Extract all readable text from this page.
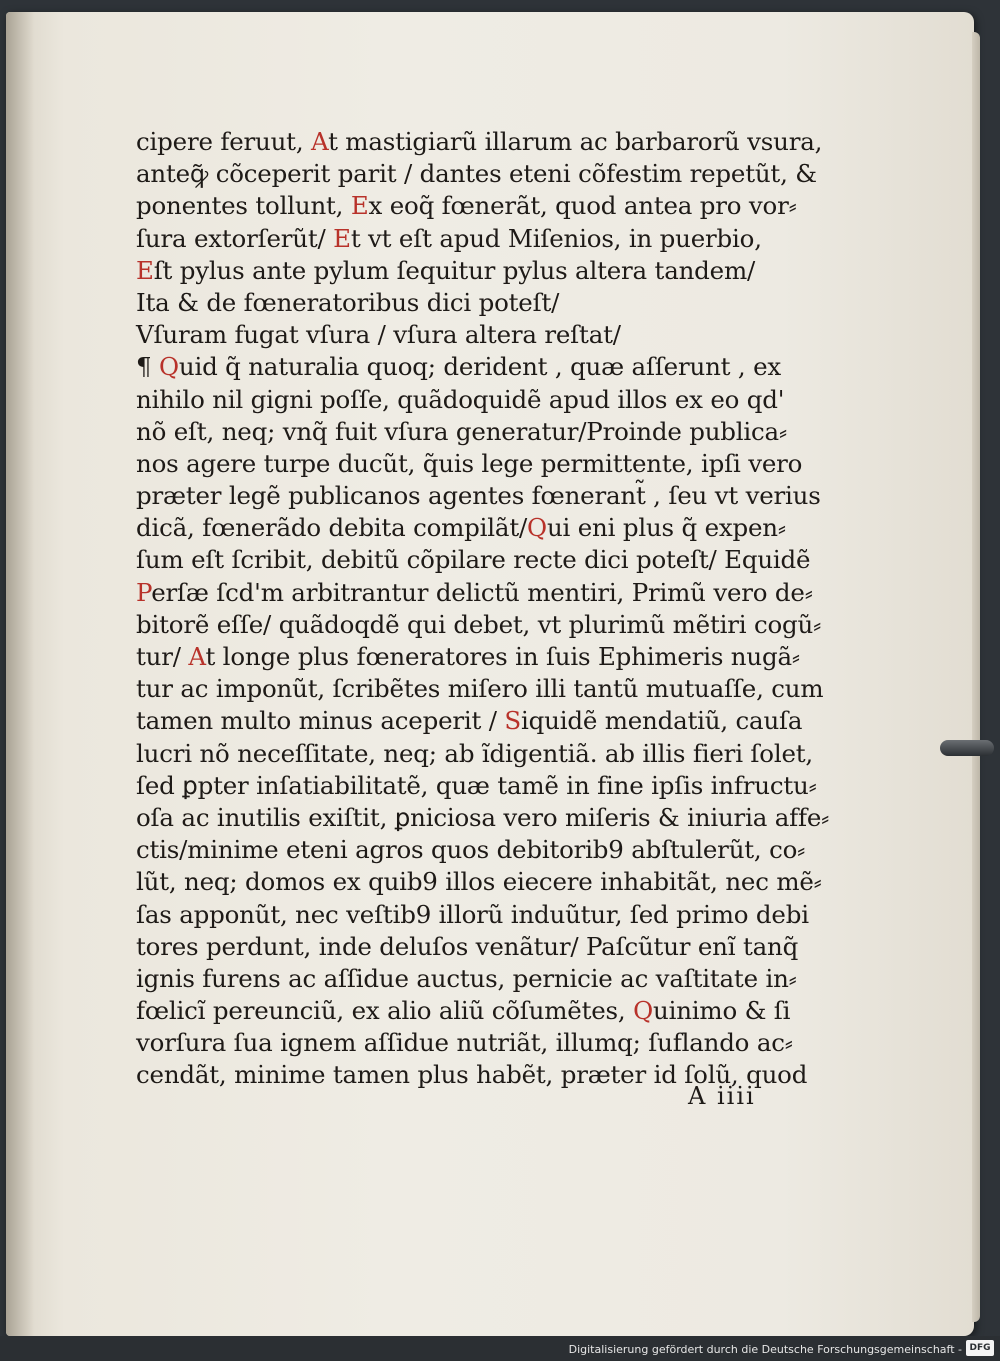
cipere feruut, At mastigiarũ illarum ac barbarorũ vsura,
anteꝙ̃ cõceperit parit / dantes eteni cõfestim repetũt, &
ponentes tollunt, Ex eoq̃ fœnerãt, quod antea pro vor⸗
ſura extorſerũt/ Et vt eſt apud Miſenios, in puerbio,
Eſt pylus ante pylum ſequitur pylus altera tandem/
Ita & de fœneratoribus dici poteſt/
Vſuram fugat vſura / vſura altera reſtat/
¶ Quid q̃ naturalia quoq; derident , quæ aſſerunt , ex
nihilo nil gigni poſſe, quãdoquidẽ apud illos ex eo qd'
nõ eſt, neq; vnq̃ fuit vſura generatur/Proinde publica⸗
nos agere turpe ducũt, q̃uis lege permittente, ipſi vero
præter legẽ publicanos agentes fœnerant̃ , ſeu vt verius
dicã, fœnerãdo debita compilãt/Qui eni plus q̃ expen⸗
ſum eſt ſcribit, debitũ cõpilare recte dici poteſt/ Equidẽ
Perſæ ſcd'm arbitrantur delictũ mentiri, Primũ vero de⸗
bitorẽ eſſe/ quãdoqdẽ qui debet, vt plurimũ mẽtiri cogũ⸗
tur/ At longe plus fœneratores in ſuis Ephimeris nugã⸗
tur ac imponũt, ſcribẽtes miſero illi tantũ mutuaſſe, cum
tamen multo minus aceperit / Siquidẽ mendatiũ, cauſa
lucri nõ neceſſitate, neq; ab ĩdigentiã. ab illis fieri ſolet,
ſed ꝑpter inſatiabilitatẽ, quæ tamẽ in fine ipſis infructu⸗
oſa ac inutilis exiſtit, ꝑniciosa vero miſeris & iniuria affe⸗
ctis/minime eteni agros quos debitorib9 abſtulerũt, co⸗
lũt, neq; domos ex quib9 illos eiecere inhabitãt, nec mẽ⸗
ſas apponũt, nec veſtib9 illorũ induũtur, ſed primo debi
tores perdunt, inde deluſos venãtur/ Paſcũtur enĩ tanq̃
ignis furens ac aſſidue auctus, pernicie ac vaſtitate in⸗
fœlicĩ pereunciũ, ex alio aliũ cõſumẽtes, Quinimo & ſi
vorſura ſua ignem aſſidue nutriãt, illumq; ſuflando ac⸗
cendãt, minime tamen plus habẽt, præter id ſolũ, quod
A iiii
Digitalisierung gefördert durch die Deutsche Forschungsgemeinschaft - DFG
